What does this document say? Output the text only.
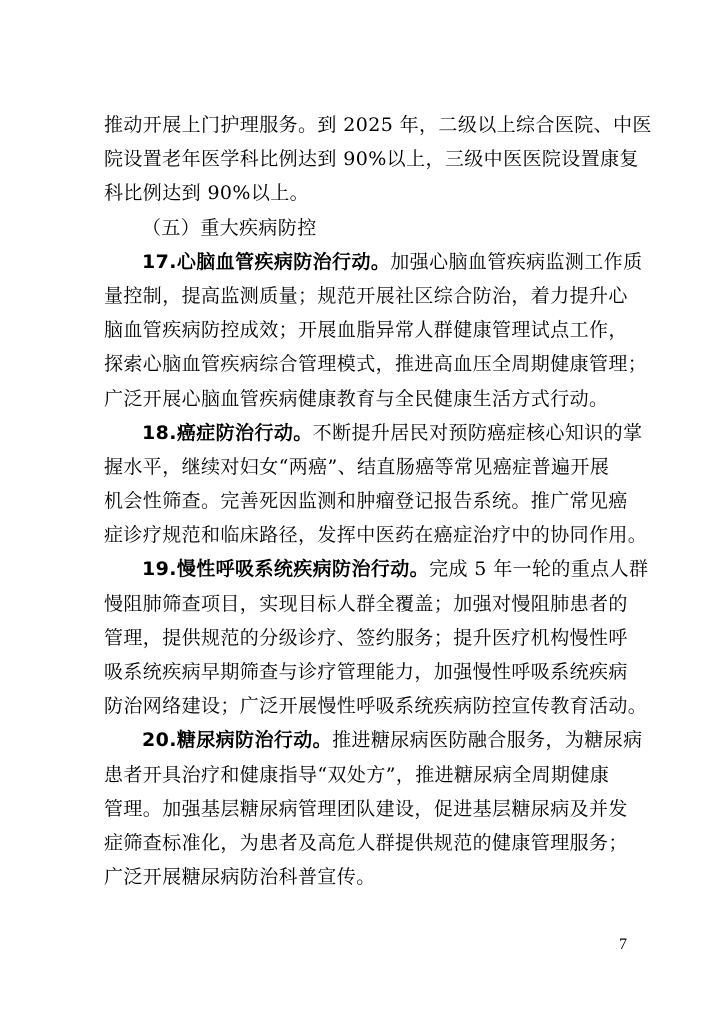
推动开展上门护理服务。到 2025 年，二级以上综合医院、中医
院设置老年医学科比例达到 90%以上，三级中医医院设置康复
科比例达到 90%以上。
（五）重大疾病防控
17.心脑血管疾病防治行动。加强心脑血管疾病监测工作质
量控制，提高监测质量；规范开展社区综合防治，着力提升心
脑血管疾病防控成效；开展血脂异常人群健康管理试点工作，
探索心脑血管疾病综合管理模式，推进高血压全周期健康管理；
广泛开展心脑血管疾病健康教育与全民健康生活方式行动。
18.癌症防治行动。不断提升居民对预防癌症核心知识的掌
握水平，继续对妇女“两癌”、结直肠癌等常见癌症普遍开展
机会性筛查。完善死因监测和肿瘤登记报告系统。推广常见癌
症诊疗规范和临床路径，发挥中医药在癌症治疗中的协同作用。
19.慢性呼吸系统疾病防治行动。完成 5 年一轮的重点人群
慢阻肺筛查项目，实现目标人群全覆盖；加强对慢阻肺患者的
管理，提供规范的分级诊疗、签约服务；提升医疗机构慢性呼
吸系统疾病早期筛查与诊疗管理能力，加强慢性呼吸系统疾病
防治网络建设；广泛开展慢性呼吸系统疾病防控宣传教育活动。
20.糖尿病防治行动。推进糖尿病医防融合服务，为糖尿病
患者开具治疗和健康指导“双处方”，推进糖尿病全周期健康
管理。加强基层糖尿病管理团队建设，促进基层糖尿病及并发
症筛查标准化，为患者及高危人群提供规范的健康管理服务；
广泛开展糖尿病防治科普宣传。
7
